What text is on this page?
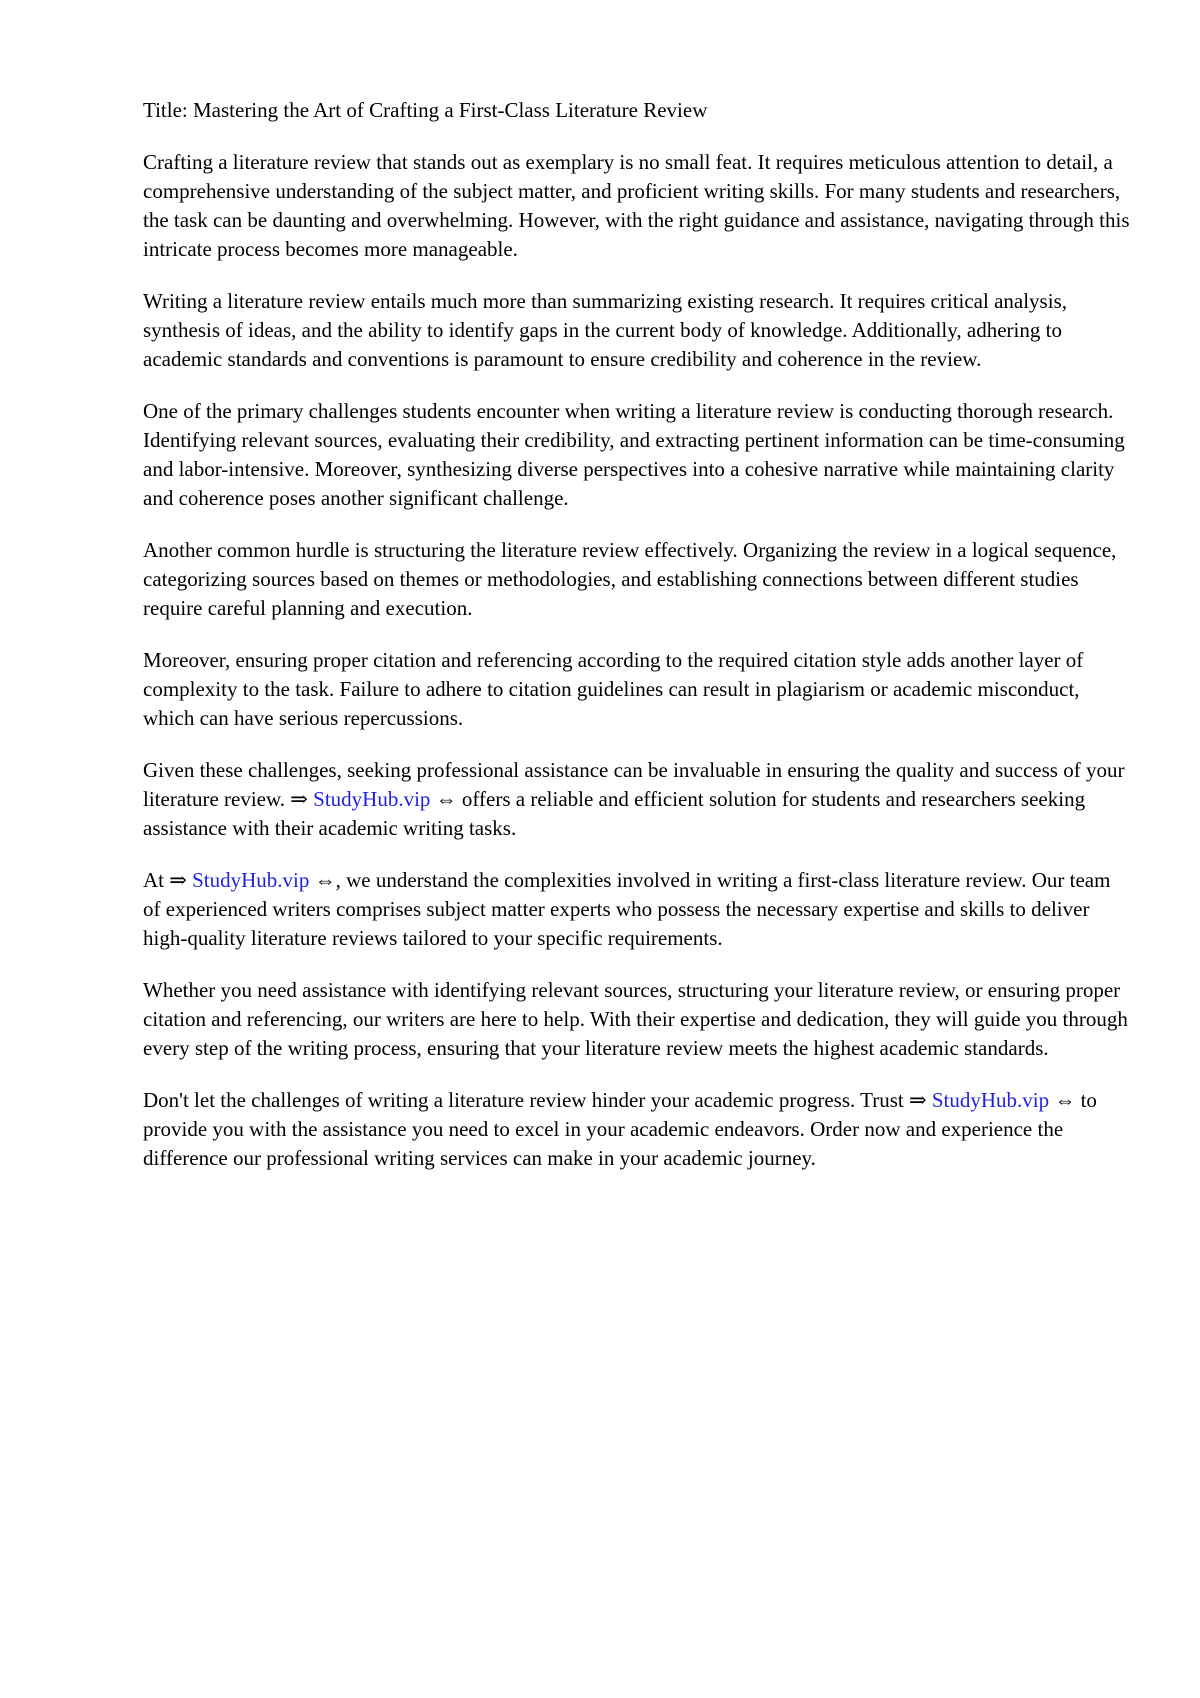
Title: Mastering the Art of Crafting a First-Class Literature Review

Crafting a literature review that stands out as exemplary is no small feat. It requires meticulous attention to detail, a comprehensive understanding of the subject matter, and proficient writing skills. For many students and researchers, the task can be daunting and overwhelming. However, with the right guidance and assistance, navigating through this intricate process becomes more manageable.

Writing a literature review entails much more than summarizing existing research. It requires critical analysis, synthesis of ideas, and the ability to identify gaps in the current body of knowledge. Additionally, adhering to academic standards and conventions is paramount to ensure credibility and coherence in the review.

One of the primary challenges students encounter when writing a literature review is conducting thorough research. Identifying relevant sources, evaluating their credibility, and extracting pertinent information can be time-consuming and labor-intensive. Moreover, synthesizing diverse perspectives into a cohesive narrative while maintaining clarity and coherence poses another significant challenge.

Another common hurdle is structuring the literature review effectively. Organizing the review in a logical sequence, categorizing sources based on themes or methodologies, and establishing connections between different studies require careful planning and execution.

Moreover, ensuring proper citation and referencing according to the required citation style adds another layer of complexity to the task. Failure to adhere to citation guidelines can result in plagiarism or academic misconduct, which can have serious repercussions.

Given these challenges, seeking professional assistance can be invaluable in ensuring the quality and success of your literature review. ⇒ StudyHub.vip ⇔ offers a reliable and efficient solution for students and researchers seeking assistance with their academic writing tasks.

At ⇒ StudyHub.vip ⇔, we understand the complexities involved in writing a first-class literature review. Our team of experienced writers comprises subject matter experts who possess the necessary expertise and skills to deliver high-quality literature reviews tailored to your specific requirements.

Whether you need assistance with identifying relevant sources, structuring your literature review, or ensuring proper citation and referencing, our writers are here to help. With their expertise and dedication, they will guide you through every step of the writing process, ensuring that your literature review meets the highest academic standards.

Don't let the challenges of writing a literature review hinder your academic progress. Trust ⇒ StudyHub.vip ⇔ to provide you with the assistance you need to excel in your academic endeavors. Order now and experience the difference our professional writing services can make in your academic journey.
